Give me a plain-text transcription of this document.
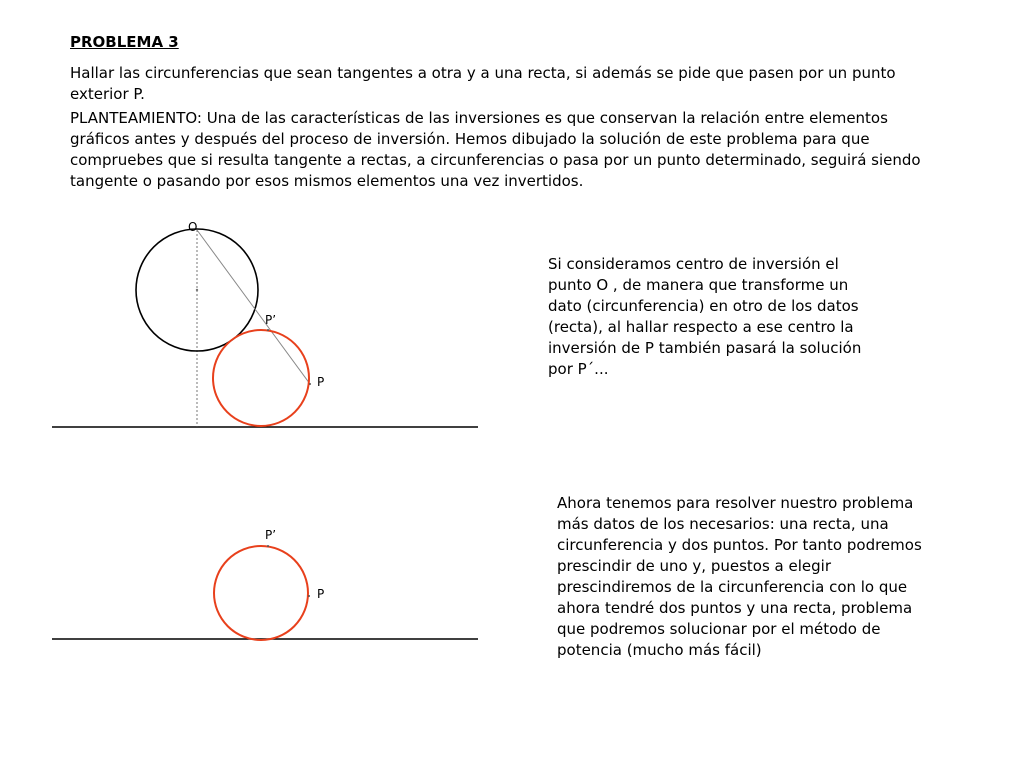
PROBLEMA 3
Hallar las circunferencias que sean tangentes a otra y a una recta, si además se pide que pasen por un punto exterior P.
PLANTEAMIENTO: Una de las características de las inversiones es que conservan la relación entre elementos gráficos antes y después del proceso de inversión. Hemos dibujado la solución de este problema para que compruebes que si resulta tangente a rectas, a circunferencias o pasa por un punto determinado, seguirá siendo tangente o pasando por esos mismos elementos una vez invertidos.
O
P’
P
P’
P
Si consideramos centro de inversión el punto O , de manera que transforme un dato (circunferencia) en otro de los datos (recta), al hallar respecto a ese centro la inversión de P también pasará la solución por P´...
Ahora tenemos para resolver nuestro problema más datos de los necesarios: una recta, una circunferencia y dos puntos. Por tanto podremos prescindir de uno y, puestos a elegir prescindiremos de la circunferencia con lo que ahora tendré dos puntos y una recta, problema que podremos solucionar por el método de potencia (mucho más fácil)
